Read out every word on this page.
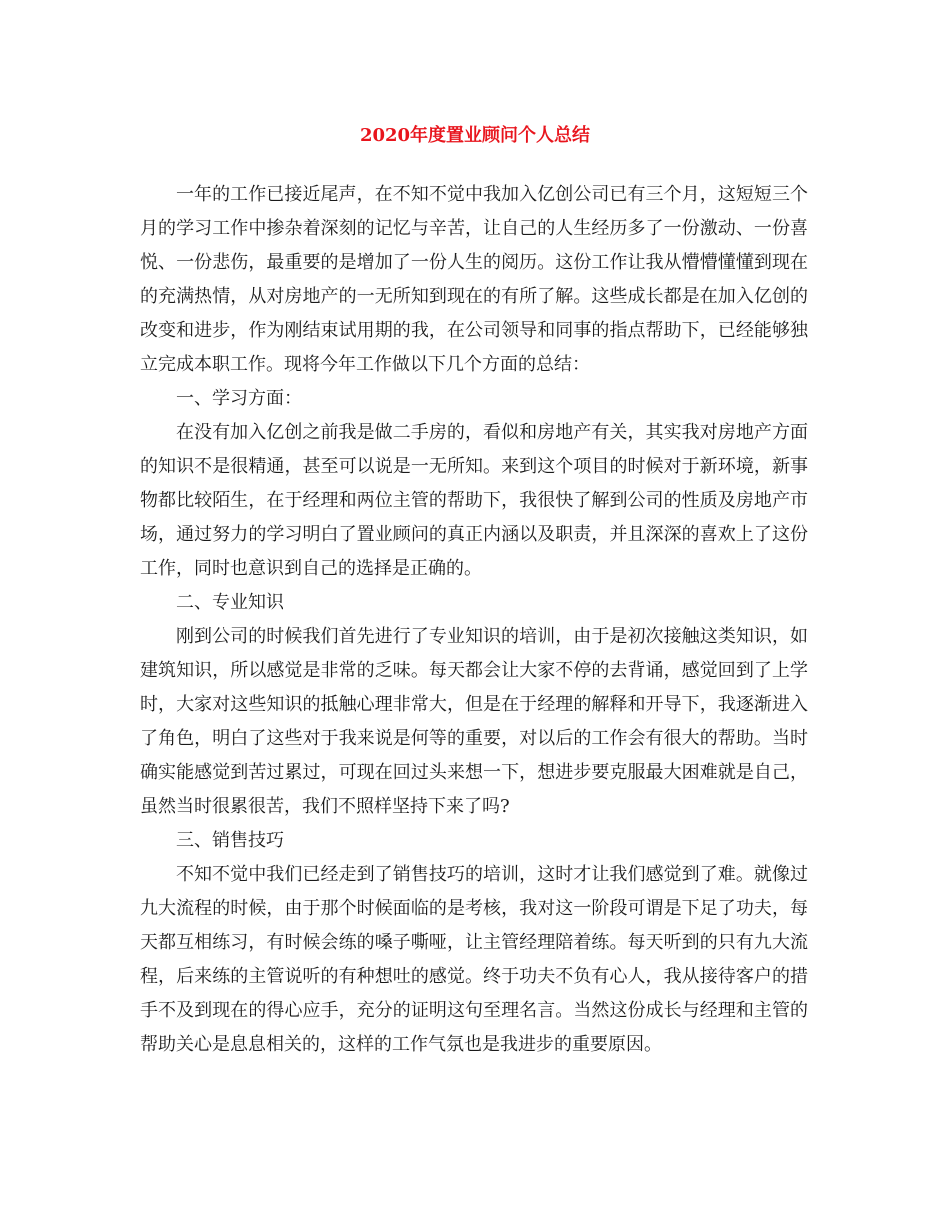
2020年度置业顾问个人总结

一年的工作已接近尾声，在不知不觉中我加入亿创公司已有三个月，这短短三个月的学习工作中掺杂着深刻的记忆与辛苦，让自己的人生经历多了一份激动、一份喜悦、一份悲伤，最重要的是增加了一份人生的阅历。这份工作让我从懵懵懂懂到现在的充满热情，从对房地产的一无所知到现在的有所了解。这些成长都是在加入亿创的改变和进步，作为刚结束试用期的我，在公司领导和同事的指点帮助下，已经能够独立完成本职工作。现将今年工作做以下几个方面的总结：

一、学习方面：

在没有加入亿创之前我是做二手房的，看似和房地产有关，其实我对房地产方面的知识不是很精通，甚至可以说是一无所知。来到这个项目的时候对于新环境，新事物都比较陌生，在于经理和两位主管的帮助下，我很快了解到公司的性质及房地产市场，通过努力的学习明白了置业顾问的真正内涵以及职责，并且深深的喜欢上了这份工作，同时也意识到自己的选择是正确的。

二、专业知识

刚到公司的时候我们首先进行了专业知识的培训，由于是初次接触这类知识，如建筑知识，所以感觉是非常的乏味。每天都会让大家不停的去背诵，感觉回到了上学时，大家对这些知识的抵触心理非常大，但是在于经理的解释和开导下，我逐渐进入了角色，明白了这些对于我来说是何等的重要，对以后的工作会有很大的帮助。当时确实能感觉到苦过累过，可现在回过头来想一下，想进步要克服最大困难就是自己，虽然当时很累很苦，我们不照样坚持下来了吗?

三、销售技巧

不知不觉中我们已经走到了销售技巧的培训，这时才让我们感觉到了难。就像过九大流程的时候，由于那个时候面临的是考核，我对这一阶段可谓是下足了功夫，每天都互相练习，有时候会练的嗓子嘶哑，让主管经理陪着练。每天听到的只有九大流程，后来练的主管说听的有种想吐的感觉。终于功夫不负有心人，我从接待客户的措手不及到现在的得心应手，充分的证明这句至理名言。当然这份成长与经理和主管的帮助关心是息息相关的，这样的工作气氛也是我进步的重要原因。
